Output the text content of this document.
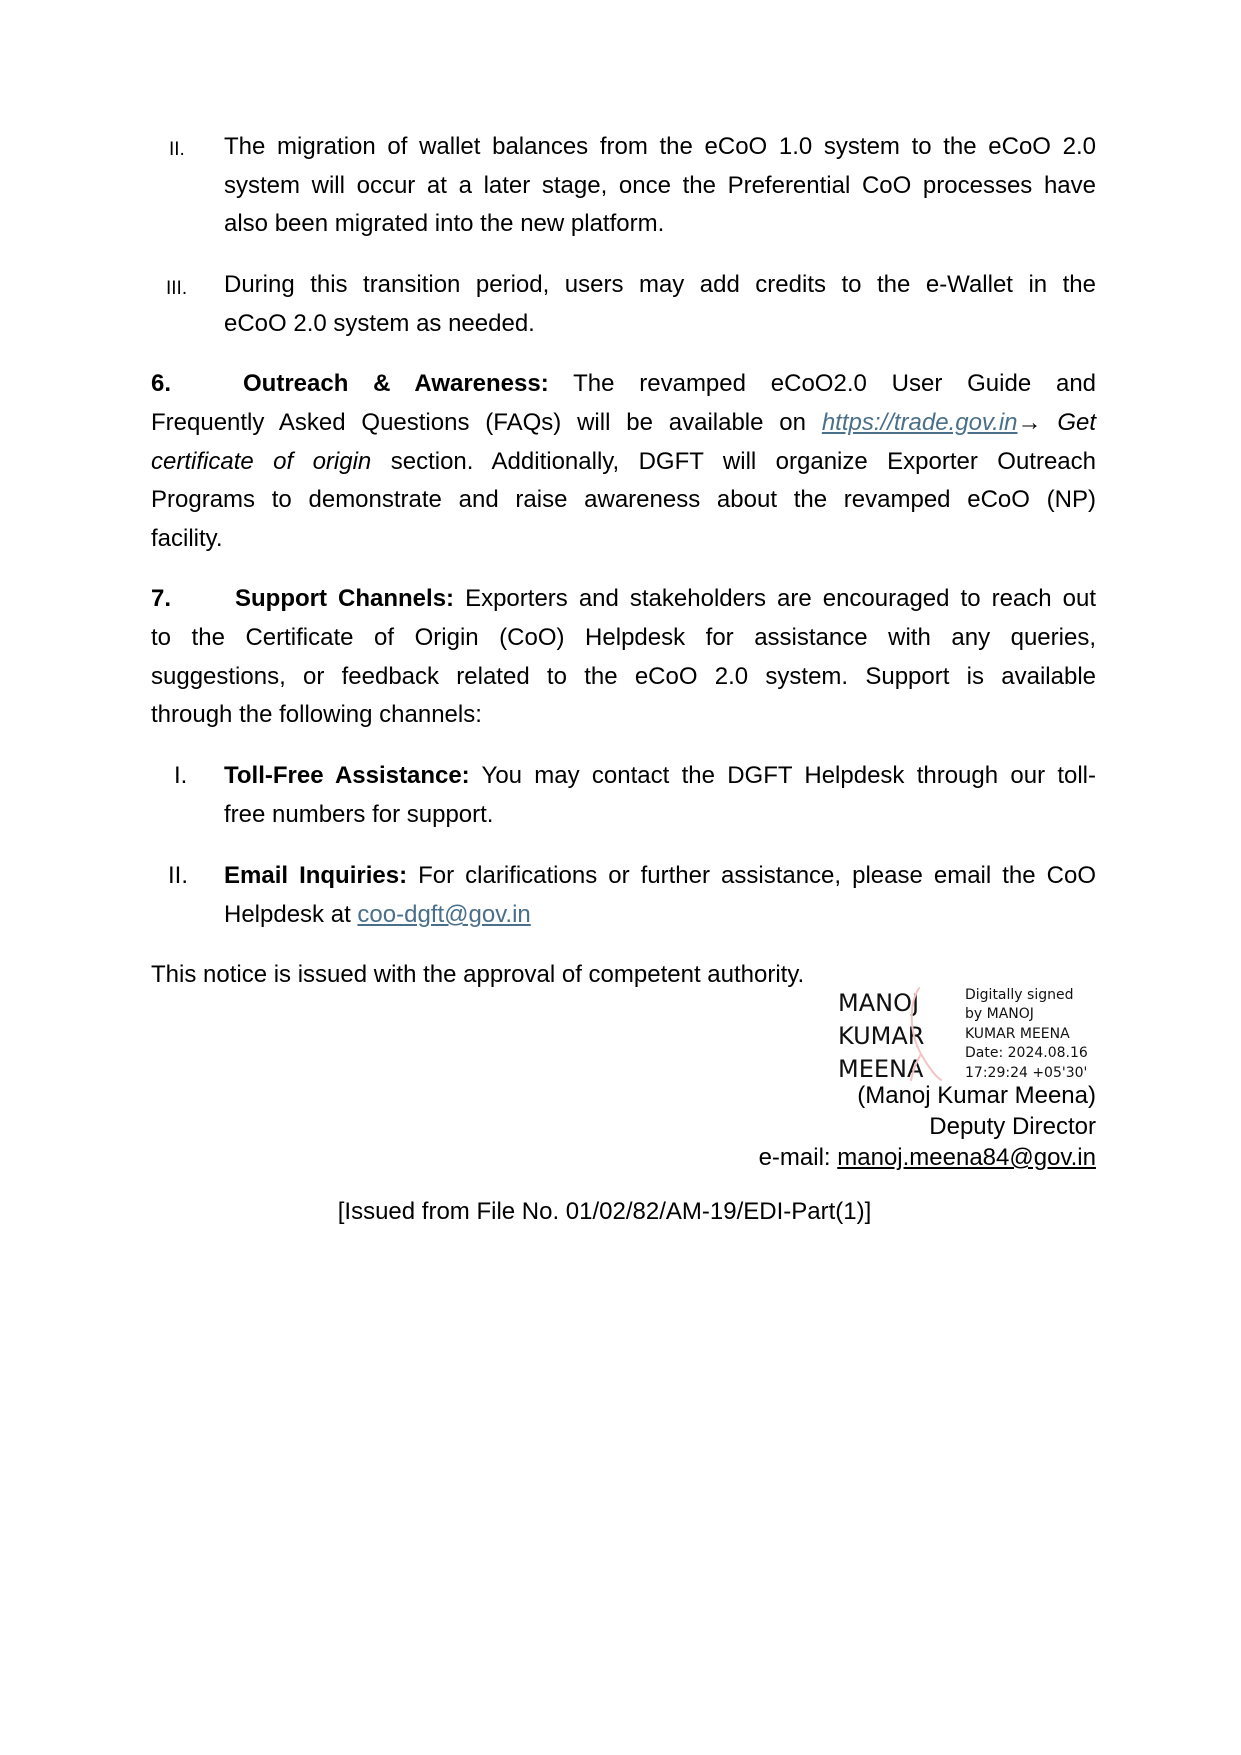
II. The migration of wallet balances from the eCoO 1.0 system to the eCoO 2.0
system will occur at a later stage, once the Preferential CoO processes have
also been migrated into the new platform.
III. During this transition period, users may add credits to the e-Wallet in the
eCoO 2.0 system as needed.
6.	Outreach & Awareness: The revamped eCoO2.0 User Guide and
Frequently Asked Questions (FAQs) will be available on https://trade.gov.in→ Get
certificate of origin section. Additionally, DGFT will organize Exporter Outreach
Programs to demonstrate and raise awareness about the revamped eCoO (NP)
facility.
7.	Support Channels: Exporters and stakeholders are encouraged to reach out
to the Certificate of Origin (CoO) Helpdesk for assistance with any queries,
suggestions, or feedback related to the eCoO 2.0 system. Support is available
through the following channels:
I. Toll-Free Assistance: You may contact the DGFT Helpdesk through our toll-
free numbers for support.
II. Email Inquiries: For clarifications or further assistance, please email the CoO
Helpdesk at coo-dgft@gov.in
This notice is issued with the approval of competent authority.
MANOJ
KUMAR
MEENA
Digitally signed
by MANOJ
KUMAR MEENA
Date: 2024.08.16
17:29:24 +05'30'
(Manoj Kumar Meena)
Deputy Director
e-mail: manoj.meena84@gov.in
[Issued from File No. 01/02/82/AM-19/EDI-Part(1)]
